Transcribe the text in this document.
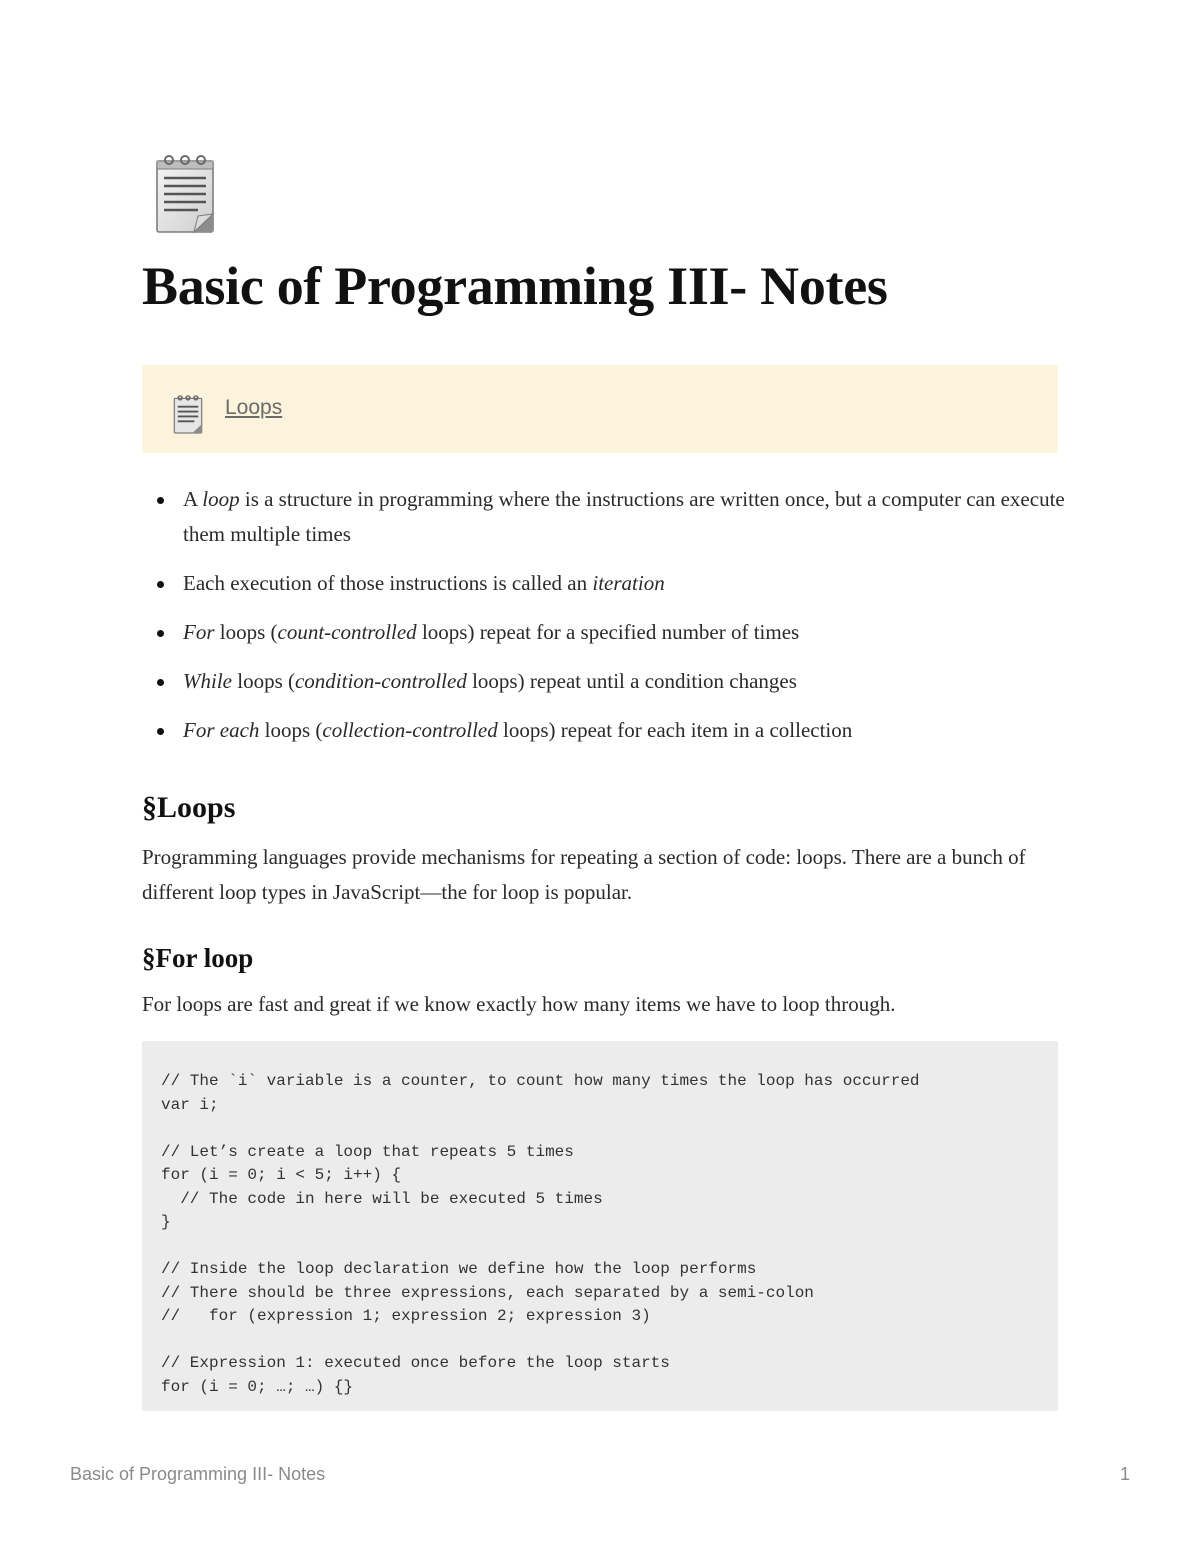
Basic of Programming III- Notes
Loops
A loop is a structure in programming where the instructions are written once, but a computer can execute them multiple times
Each execution of those instructions is called an iteration
For loops (count-controlled loops) repeat for a specified number of times
While loops (condition-controlled loops) repeat until a condition changes
For each loops (collection-controlled loops) repeat for each item in a collection
§Loops

Programming languages provide mechanisms for repeating a section of code: loops. There are a bunch of different loop types in JavaScript—the for loop is popular.

§For loop

For loops are fast and great if we know exactly how many items we have to loop through.

// The `i` variable is a counter, to count how many times the loop has occurred
var i;

// Let’s create a loop that repeats 5 times
for (i = 0; i < 5; i++) {
// The code in here will be executed 5 times
}

// Inside the loop declaration we define how the loop performs
// There should be three expressions, each separated by a semi-colon
//   for (expression 1; expression 2; expression 3)

// Expression 1: executed once before the loop starts
for (i = 0; …; …) {}
Basic of Programming III- Notes	1
